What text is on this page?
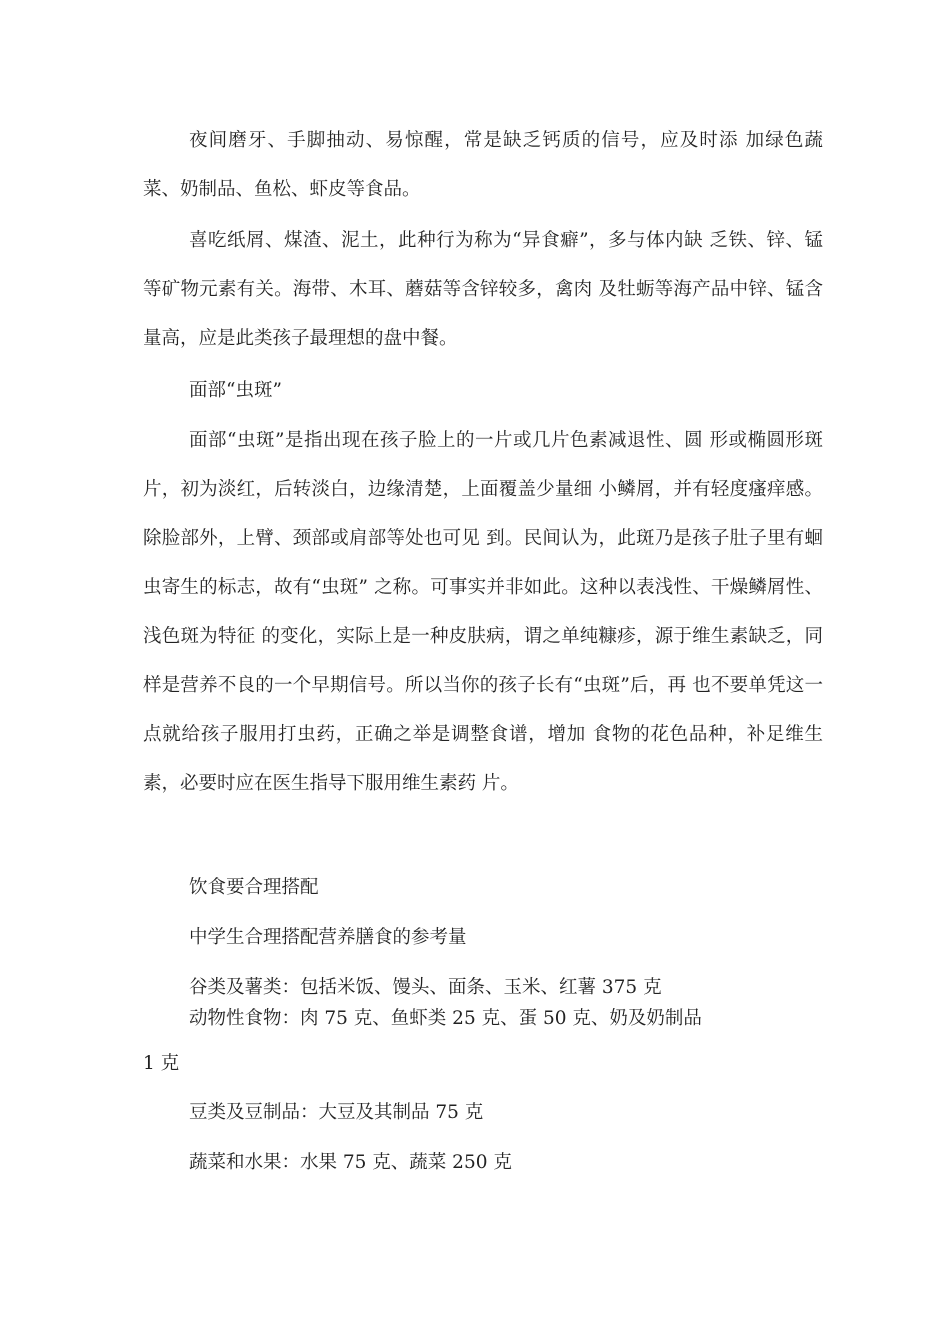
夜间磨牙、手脚抽动、易惊醒，常是缺乏钙质的信号，应及时添 加绿色蔬菜、奶制品、鱼松、虾皮等食品。

喜吃纸屑、煤渣、泥土，此种行为称为“异食癖”，多与体内缺 乏铁、锌、锰等矿物元素有关。海带、木耳、蘑菇等含锌较多，禽肉 及牡蛎等海产品中锌、锰含量高，应是此类孩子最理想的盘中餐。

面部“虫斑”

面部“虫斑”是指出现在孩子脸上的一片或几片色素减退性、圆 形或椭圆形斑片，初为淡红，后转淡白，边缘清楚，上面覆盖少量细 小鳞屑，并有轻度瘙痒感。除脸部外，上臂、颈部或肩部等处也可见 到。民间认为，此斑乃是孩子肚子里有蛔虫寄生的标志，故有“虫斑” 之称。可事实并非如此。这种以表浅性、干燥鳞屑性、浅色斑为特征 的变化，实际上是一种皮肤病，谓之单纯糠疹，源于维生素缺乏，同 样是营养不良的一个早期信号。所以当你的孩子长有“虫斑”后，再 也不要单凭这一点就给孩子服用打虫药，正确之举是调整食谱，增加 食物的花色品种，补足维生素，必要时应在医生指导下服用维生素药 片。

饮食要合理搭配

中学生合理搭配营养膳食的参考量

谷类及薯类：包括米饭、馒头、面条、玉米、红薯 375 克

动物性食物：肉 75 克、鱼虾类 25 克、蛋 50 克、奶及奶制品

1 克

豆类及豆制品：大豆及其制品 75 克

蔬菜和水果：水果 75 克、蔬菜 250 克
